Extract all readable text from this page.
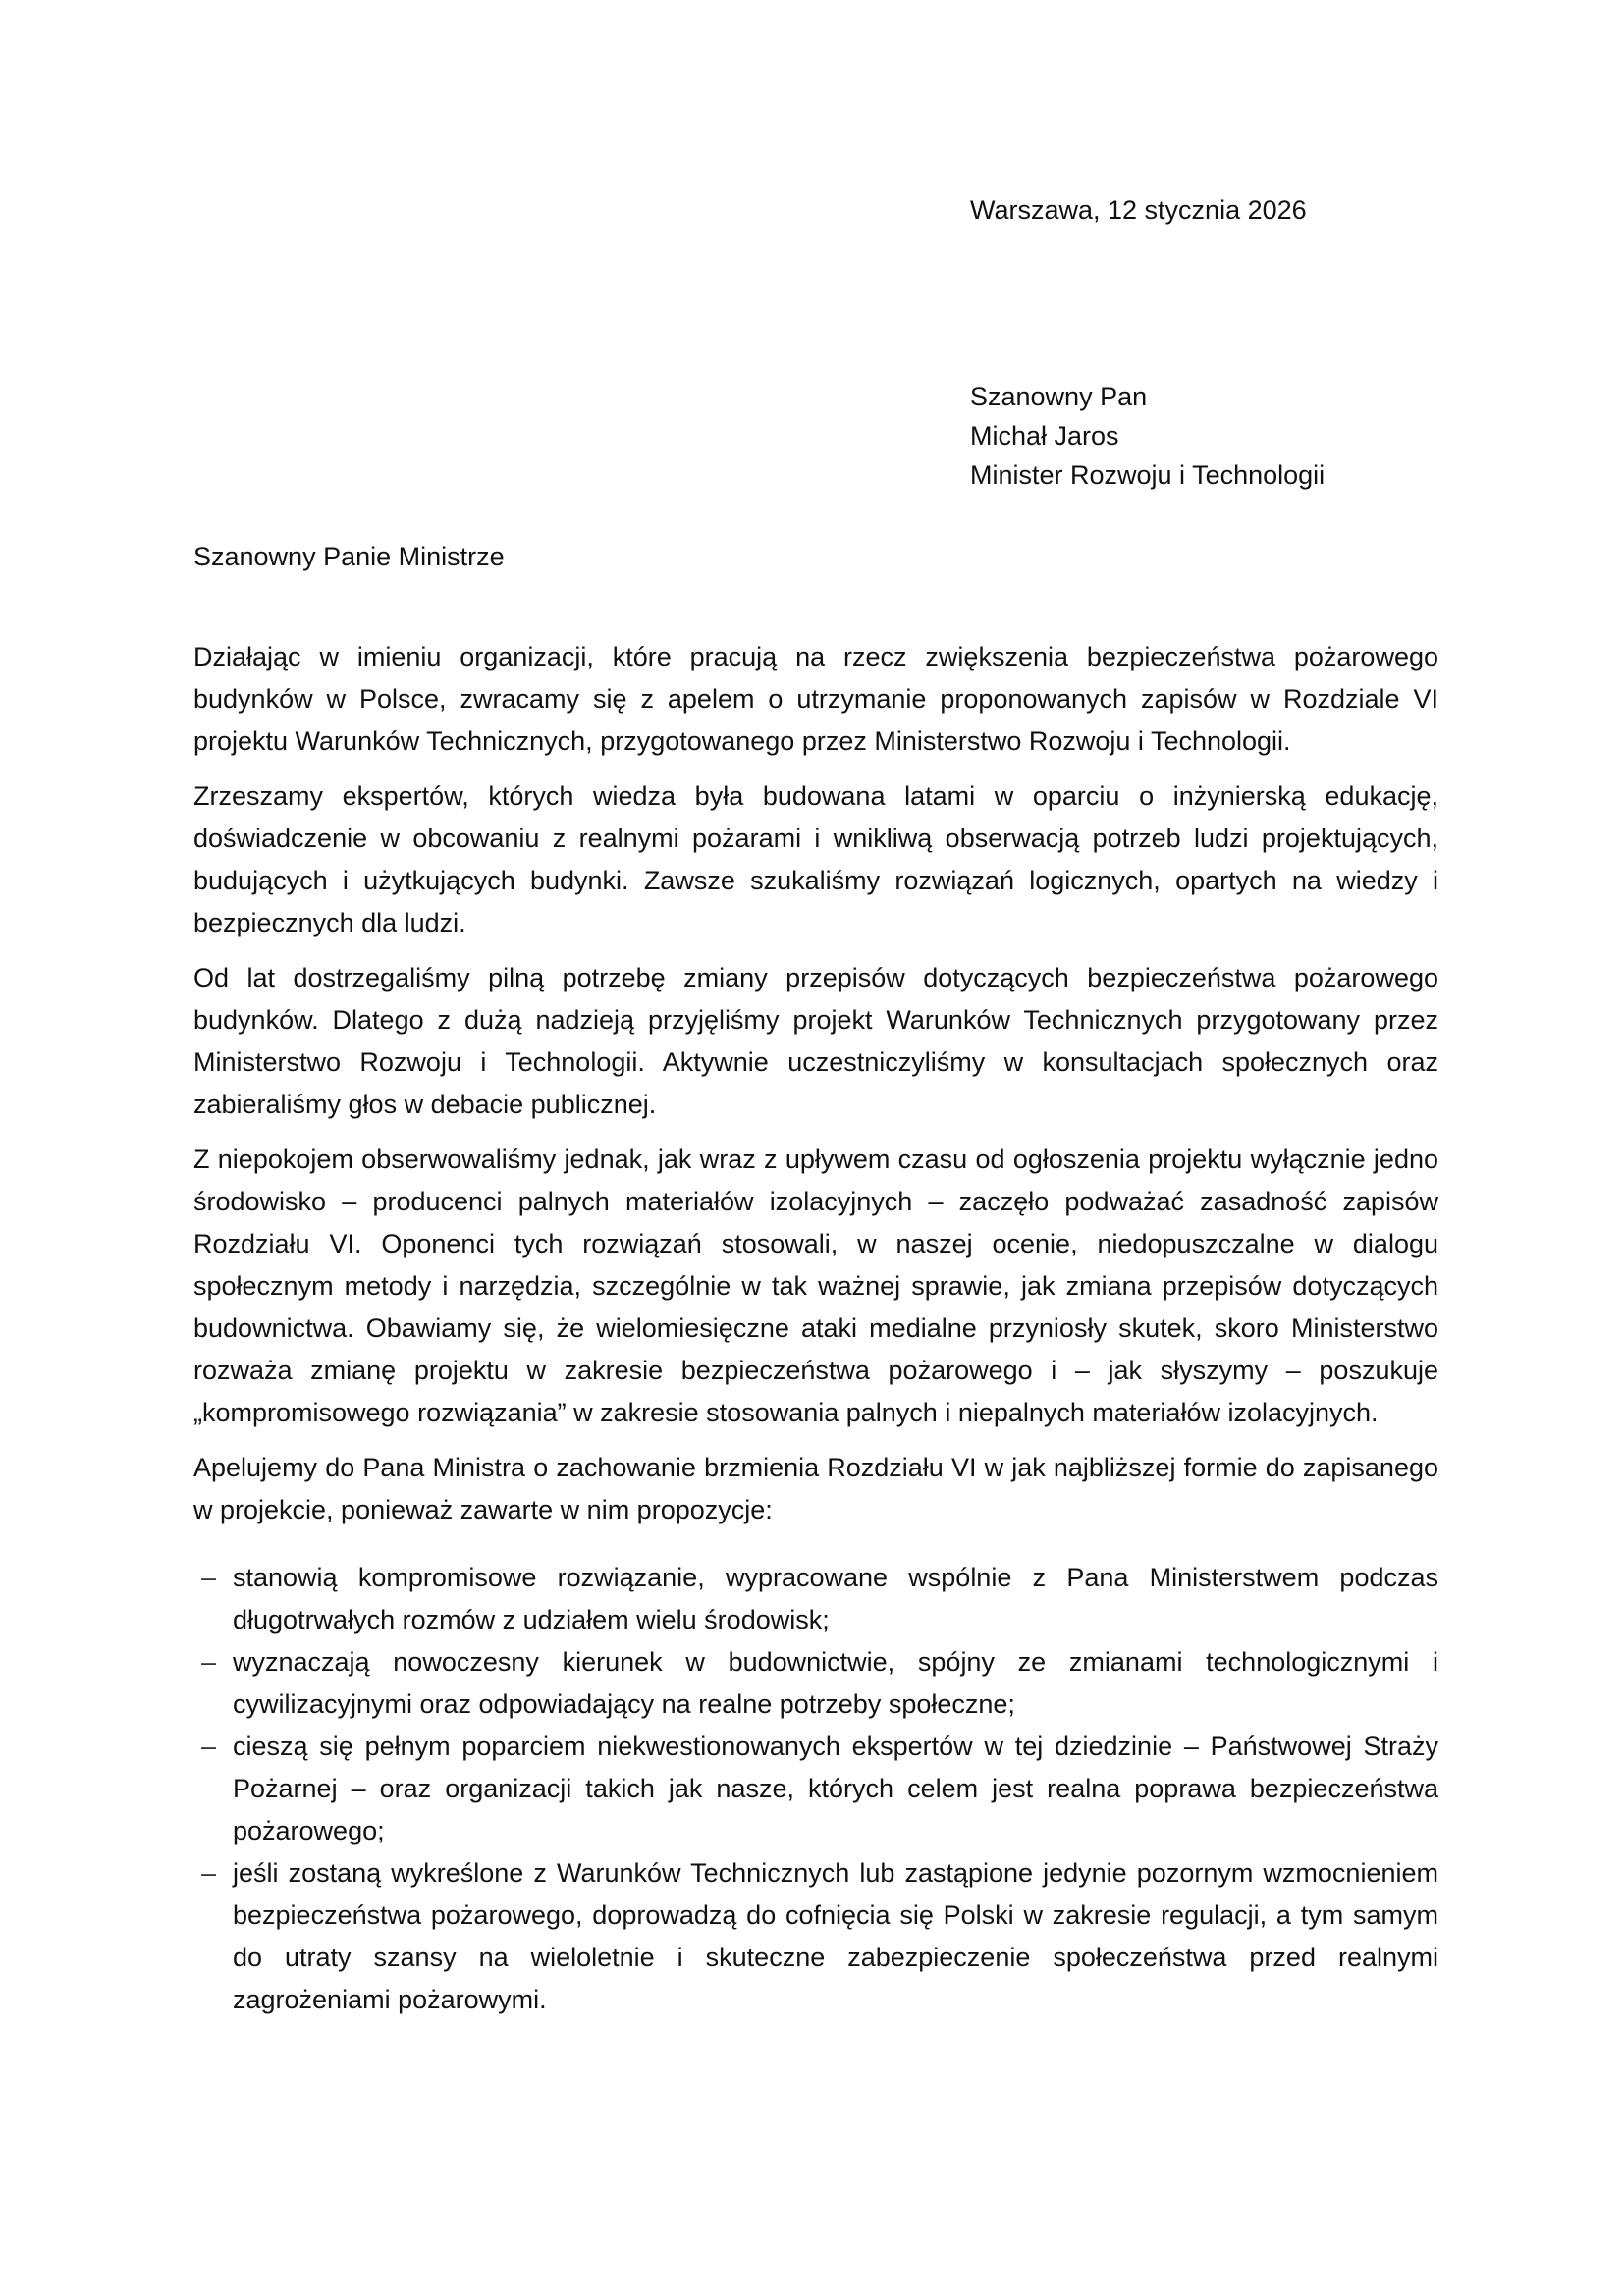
Warszawa, 12 stycznia 2026
Szanowny Pan
Michał Jaros
Minister Rozwoju i Technologii
Szanowny Panie Ministrze

Działając w imieniu organizacji, które pracują na rzecz zwiększenia bezpieczeństwa pożarowego budynków w Polsce, zwracamy się z apelem o utrzymanie proponowanych zapisów w Rozdziale VI projektu Warunków Technicznych, przygotowanego przez Ministerstwo Rozwoju i Technologii.

Zrzeszamy ekspertów, których wiedza była budowana latami w oparciu o inżynierską edukację, doświadczenie w obcowaniu z realnymi pożarami i wnikliwą obserwacją potrzeb ludzi projektujących, budujących i użytkujących budynki. Zawsze szukaliśmy rozwiązań logicznych, opartych na wiedzy i bezpiecznych dla ludzi.

Od lat dostrzegaliśmy pilną potrzebę zmiany przepisów dotyczących bezpieczeństwa pożarowego budynków. Dlatego z dużą nadzieją przyjęliśmy projekt Warunków Technicznych przygotowany przez Ministerstwo Rozwoju i Technologii. Aktywnie uczestniczyliśmy w konsultacjach społecznych oraz zabieraliśmy głos w debacie publicznej.

Z niepokojem obserwowaliśmy jednak, jak wraz z upływem czasu od ogłoszenia projektu wyłącznie jedno środowisko – producenci palnych materiałów izolacyjnych – zaczęło podważać zasadność zapisów Rozdziału VI. Oponenci tych rozwiązań stosowali, w naszej ocenie, niedopuszczalne w dialogu społecznym metody i narzędzia, szczególnie w tak ważnej sprawie, jak zmiana przepisów dotyczących budownictwa. Obawiamy się, że wielomiesięczne ataki medialne przyniosły skutek, skoro Ministerstwo rozważa zmianę projektu w zakresie bezpieczeństwa pożarowego i – jak słyszymy – poszukuje „kompromisowego rozwiązania” w zakresie stosowania palnych i niepalnych materiałów izolacyjnych.

Apelujemy do Pana Ministra o zachowanie brzmienia Rozdziału VI w jak najbliższej formie do zapisanego w projekcie, ponieważ zawarte w nim propozycje:

– stanowią kompromisowe rozwiązanie, wypracowane wspólnie z Pana Ministerstwem podczas długotrwałych rozmów z udziałem wielu środowisk;
– wyznaczają nowoczesny kierunek w budownictwie, spójny ze zmianami technologicznymi i cywilizacyjnymi oraz odpowiadający na realne potrzeby społeczne;
– cieszą się pełnym poparciem niekwestionowanych ekspertów w tej dziedzinie – Państwowej Straży Pożarnej – oraz organizacji takich jak nasze, których celem jest realna poprawa bezpieczeństwa pożarowego;
– jeśli zostaną wykreślone z Warunków Technicznych lub zastąpione jedynie pozornym wzmocnieniem bezpieczeństwa pożarowego, doprowadzą do cofnięcia się Polski w zakresie regulacji, a tym samym do utraty szansy na wieloletnie i skuteczne zabezpieczenie społeczeństwa przed realnymi zagrożeniami pożarowymi.
